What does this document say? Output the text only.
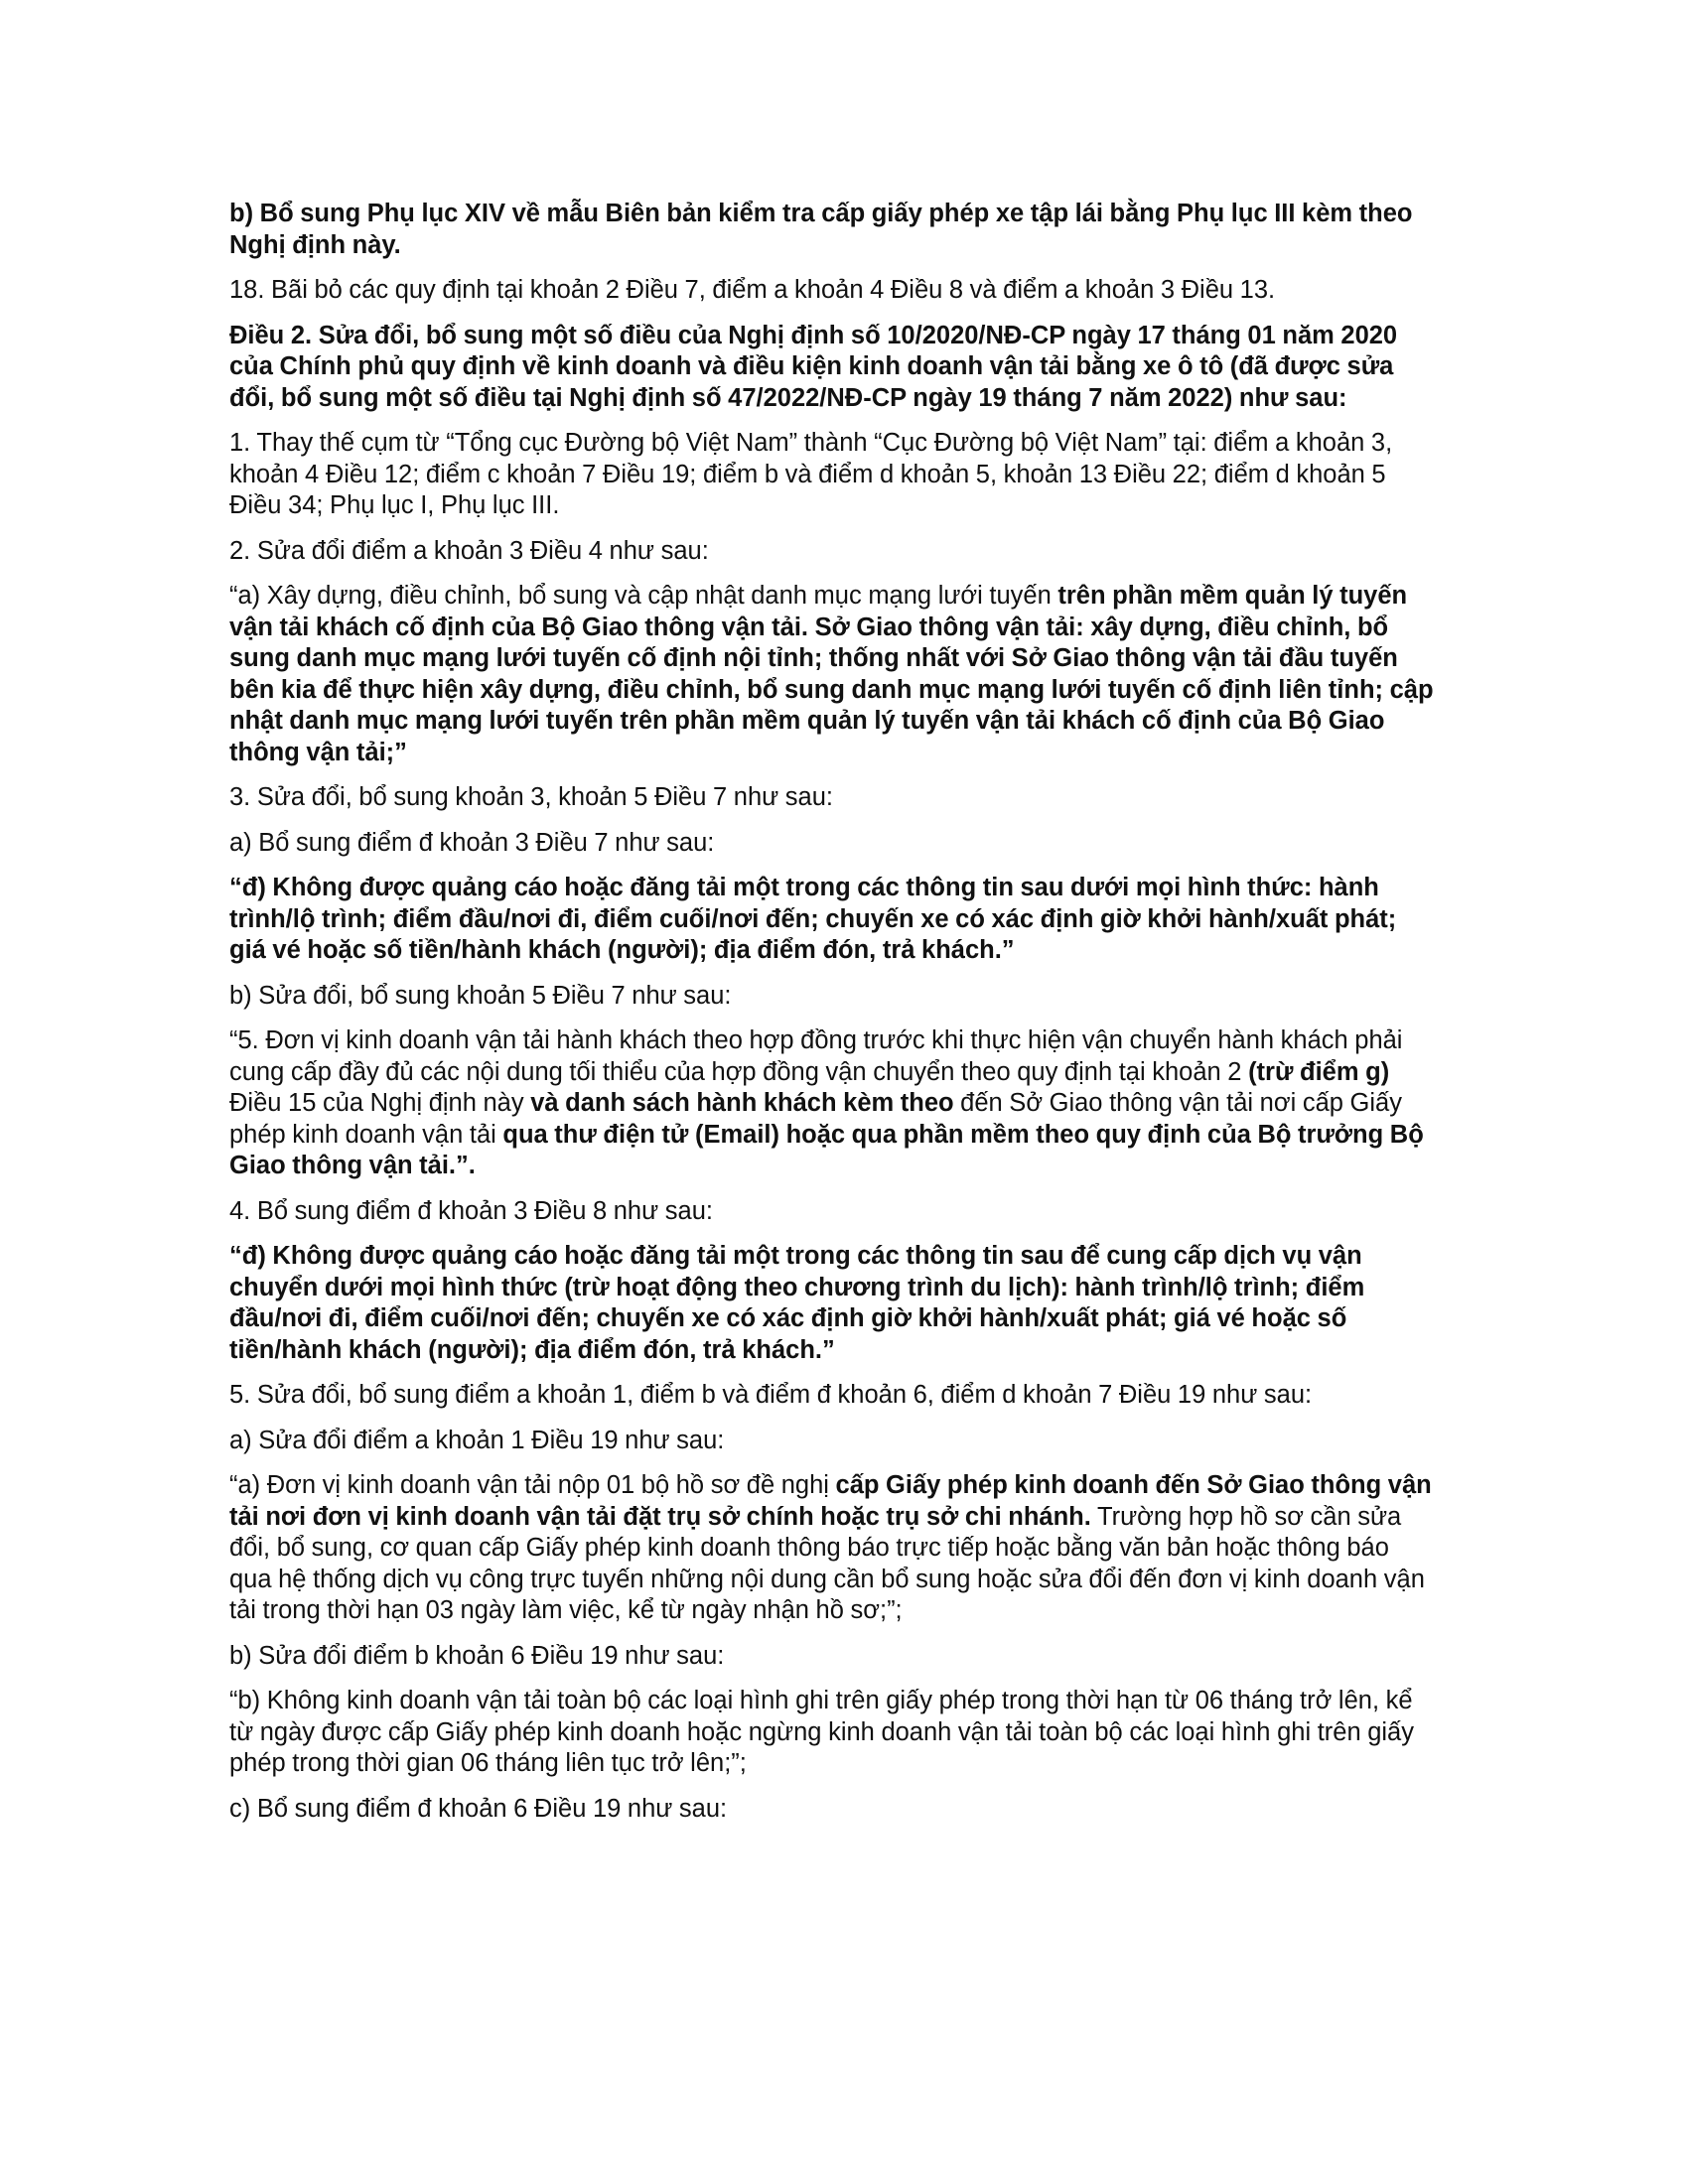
b) Bổ sung Phụ lục XIV về mẫu Biên bản kiểm tra cấp giấy phép xe tập lái bằng Phụ lục III kèm theo Nghị định này.

18. Bãi bỏ các quy định tại khoản 2 Điều 7, điểm a khoản 4 Điều 8 và điểm a khoản 3 Điều 13.

Điều 2. Sửa đổi, bổ sung một số điều của Nghị định số 10/2020/NĐ-CP ngày 17 tháng 01 năm 2020 của Chính phủ quy định về kinh doanh và điều kiện kinh doanh vận tải bằng xe ô tô (đã được sửa đổi, bổ sung một số điều tại Nghị định số 47/2022/NĐ-CP ngày 19 tháng 7 năm 2022) như sau:

1. Thay thế cụm từ “Tổng cục Đường bộ Việt Nam” thành “Cục Đường bộ Việt Nam” tại: điểm a khoản 3, khoản 4 Điều 12; điểm c khoản 7 Điều 19; điểm b và điểm d khoản 5, khoản 13 Điều 22; điểm d khoản 5 Điều 34; Phụ lục I, Phụ lục III.

2. Sửa đổi điểm a khoản 3 Điều 4 như sau:

“a) Xây dựng, điều chỉnh, bổ sung và cập nhật danh mục mạng lưới tuyến trên phần mềm quản lý tuyến vận tải khách cố định của Bộ Giao thông vận tải. Sở Giao thông vận tải: xây dựng, điều chỉnh, bổ sung danh mục mạng lưới tuyến cố định nội tỉnh; thống nhất với Sở Giao thông vận tải đầu tuyến bên kia để thực hiện xây dựng, điều chỉnh, bổ sung danh mục mạng lưới tuyến cố định liên tỉnh; cập nhật danh mục mạng lưới tuyến trên phần mềm quản lý tuyến vận tải khách cố định của Bộ Giao thông vận tải;”

3. Sửa đổi, bổ sung khoản 3, khoản 5 Điều 7 như sau:

a) Bổ sung điểm đ khoản 3 Điều 7 như sau:

“đ) Không được quảng cáo hoặc đăng tải một trong các thông tin sau dưới mọi hình thức: hành trình/lộ trình; điểm đầu/nơi đi, điểm cuối/nơi đến; chuyến xe có xác định giờ khởi hành/xuất phát; giá vé hoặc số tiền/hành khách (người); địa điểm đón, trả khách.”

b) Sửa đổi, bổ sung khoản 5 Điều 7 như sau:

“5. Đơn vị kinh doanh vận tải hành khách theo hợp đồng trước khi thực hiện vận chuyển hành khách phải cung cấp đầy đủ các nội dung tối thiểu của hợp đồng vận chuyển theo quy định tại khoản 2 (trừ điểm g) Điều 15 của Nghị định này và danh sách hành khách kèm theo đến Sở Giao thông vận tải nơi cấp Giấy phép kinh doanh vận tải qua thư điện tử (Email) hoặc qua phần mềm theo quy định của Bộ trưởng Bộ Giao thông vận tải.”.

4. Bổ sung điểm đ khoản 3 Điều 8 như sau:

“đ) Không được quảng cáo hoặc đăng tải một trong các thông tin sau để cung cấp dịch vụ vận chuyển dưới mọi hình thức (trừ hoạt động theo chương trình du lịch): hành trình/lộ trình; điểm đầu/nơi đi, điểm cuối/nơi đến; chuyến xe có xác định giờ khởi hành/xuất phát; giá vé hoặc số tiền/hành khách (người); địa điểm đón, trả khách.”

5. Sửa đổi, bổ sung điểm a khoản 1, điểm b và điểm đ khoản 6, điểm d khoản 7 Điều 19 như sau:

a) Sửa đổi điểm a khoản 1 Điều 19 như sau:

“a) Đơn vị kinh doanh vận tải nộp 01 bộ hồ sơ đề nghị cấp Giấy phép kinh doanh đến Sở Giao thông vận tải nơi đơn vị kinh doanh vận tải đặt trụ sở chính hoặc trụ sở chi nhánh. Trường hợp hồ sơ cần sửa đổi, bổ sung, cơ quan cấp Giấy phép kinh doanh thông báo trực tiếp hoặc bằng văn bản hoặc thông báo qua hệ thống dịch vụ công trực tuyến những nội dung cần bổ sung hoặc sửa đổi đến đơn vị kinh doanh vận tải trong thời hạn 03 ngày làm việc, kể từ ngày nhận hồ sơ;”;

b) Sửa đổi điểm b khoản 6 Điều 19 như sau:

“b) Không kinh doanh vận tải toàn bộ các loại hình ghi trên giấy phép trong thời hạn từ 06 tháng trở lên, kể từ ngày được cấp Giấy phép kinh doanh hoặc ngừng kinh doanh vận tải toàn bộ các loại hình ghi trên giấy phép trong thời gian 06 tháng liên tục trở lên;”;

c) Bổ sung điểm đ khoản 6 Điều 19 như sau:
